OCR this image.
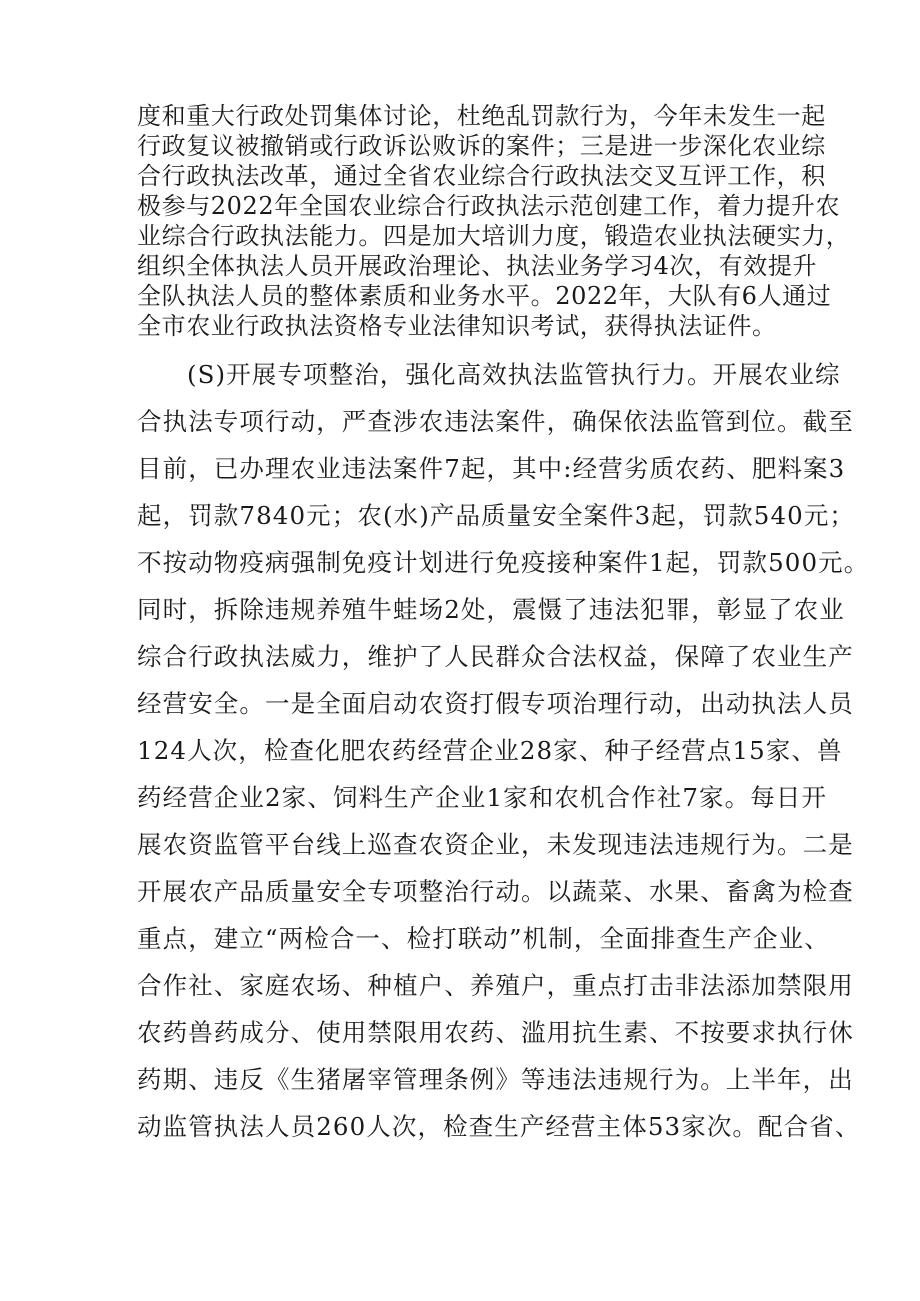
度和重大行政处罚集体讨论，杜绝乱罚款行为，今年未发生一起
行政复议被撤销或行政诉讼败诉的案件；三是进一步深化农业综
合行政执法改革，通过全省农业综合行政执法交叉互评工作，积
极参与2022年全国农业综合行政执法示范创建工作，着力提升农
业综合行政执法能力。四是加大培训力度，锻造农业执法硬实力，
组织全体执法人员开展政治理论、执法业务学习4次，有效提升
全队执法人员的整体素质和业务水平。2022年，大队有6人通过
全市农业行政执法资格专业法律知识考试，获得执法证件。
(S)开展专项整治，强化高效执法监管执行力。开展农业综
合执法专项行动，严查涉农违法案件，确保依法监管到位。截至
目前，已办理农业违法案件7起，其中:经营劣质农药、肥料案3
起，罚款7840元；农(水)产品质量安全案件3起，罚款540元；
不按动物疫病强制免疫计划进行免疫接种案件1起，罚款500元。
同时，拆除违规养殖牛蛙场2处，震慑了违法犯罪，彰显了农业
综合行政执法威力，维护了人民群众合法权益，保障了农业生产
经营安全。一是全面启动农资打假专项治理行动，出动执法人员
124人次，检查化肥农药经营企业28家、种子经营点15家、兽
药经营企业2家、饲料生产企业1家和农机合作社7家。每日开
展农资监管平台线上巡查农资企业，未发现违法违规行为。二是
开展农产品质量安全专项整治行动。以蔬菜、水果、畜禽为检查
重点，建立“两检合一、检打联动”机制，全面排查生产企业、
合作社、家庭农场、种植户、养殖户，重点打击非法添加禁限用
农药兽药成分、使用禁限用农药、滥用抗生素、不按要求执行休
药期、违反《生猪屠宰管理条例》等违法违规行为。上半年，出
动监管执法人员260人次，检查生产经营主体53家次。配合省、
